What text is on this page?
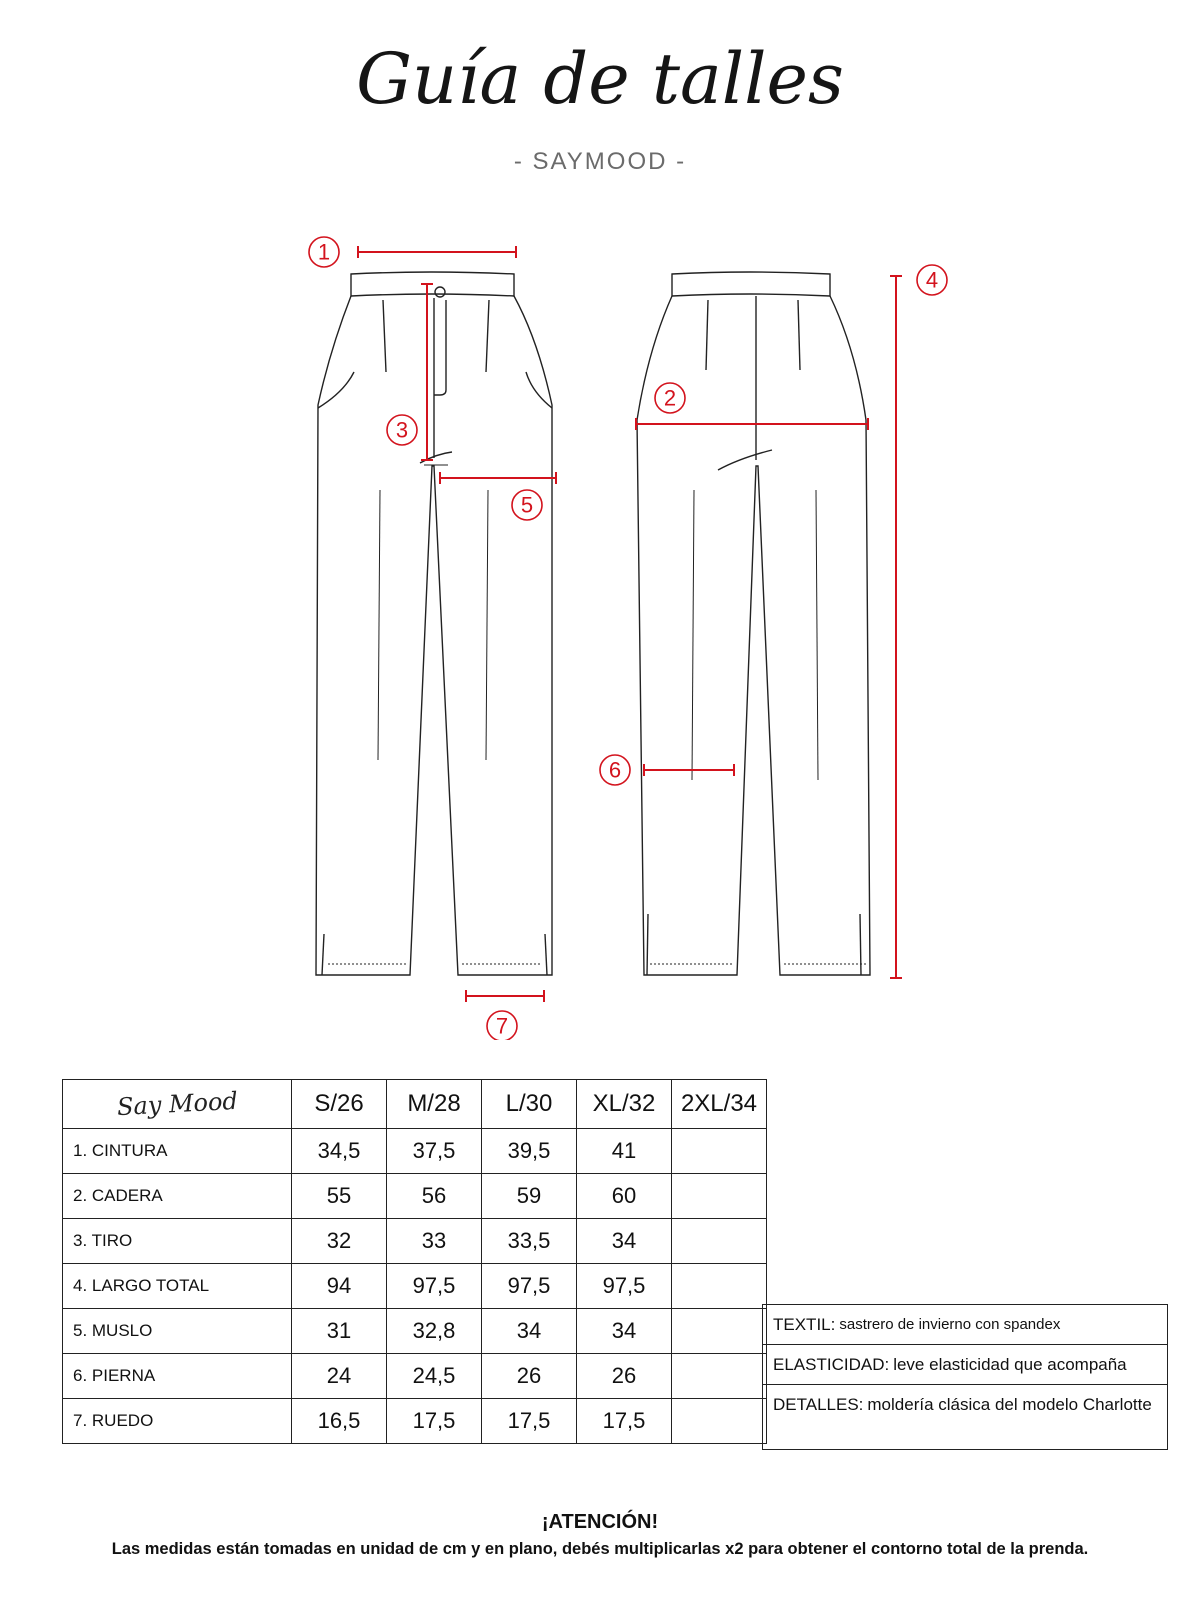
Guía de talles
- SAYMOOD -
1
2
3
4
5
6
7
Say Mood	S/26	M/28	L/30	XL/32	2XL/34
1. CINTURA	34,5	37,5	39,5	41	
2. CADERA	55	56	59	60	
3. TIRO	32	33	33,5	34	
4. LARGO TOTAL	94	97,5	97,5	97,5	
5. MUSLO	31	32,8	34	34	
6. PIERNA	24	24,5	26	26	
7. RUEDO	16,5	17,5	17,5	17,5	
TEXTIL: sastrero de invierno con spandex
ELASTICIDAD: leve elasticidad que acompaña
DETALLES: moldería clásica del modelo Charlotte
¡ATENCIÓN!
Las medidas están tomadas en unidad de cm y en plano, debés multiplicarlas x2 para obtener el contorno total de la prenda.
